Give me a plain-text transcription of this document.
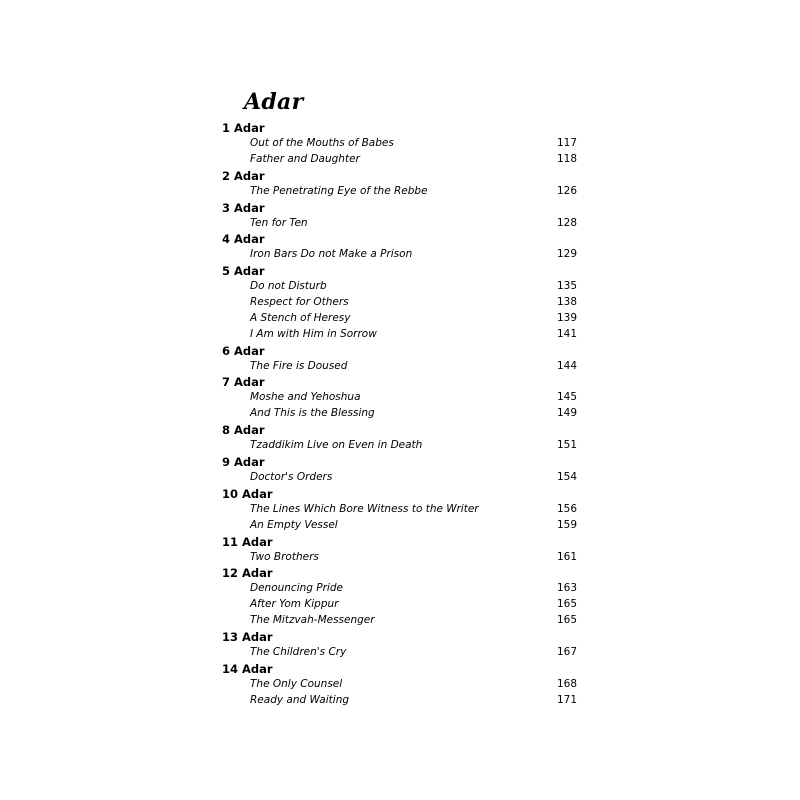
Adar
1 Adar
Out of the Mouths of Babes	117
Father and Daughter	118
2 Adar
The Penetrating Eye of the Rebbe	126
3 Adar
Ten for Ten	128
4 Adar
Iron Bars Do not Make a Prison	129
5 Adar
Do not Disturb	135
Respect for Others	138
A Stench of Heresy	139
I Am with Him in Sorrow	141
6 Adar
The Fire is Doused	144
7 Adar
Moshe and Yehoshua	145
And This is the Blessing	149
8 Adar
Tzaddikim Live on Even in Death	151
9 Adar
Doctor's Orders	154
10 Adar
The Lines Which Bore Witness to the Writer	156
An Empty Vessel	159
11 Adar
Two Brothers	161
12 Adar
Denouncing Pride	163
After Yom Kippur	165
The Mitzvah-Messenger	165
13 Adar
The Children's Cry	167
14 Adar
The Only Counsel	168
Ready and Waiting	171
